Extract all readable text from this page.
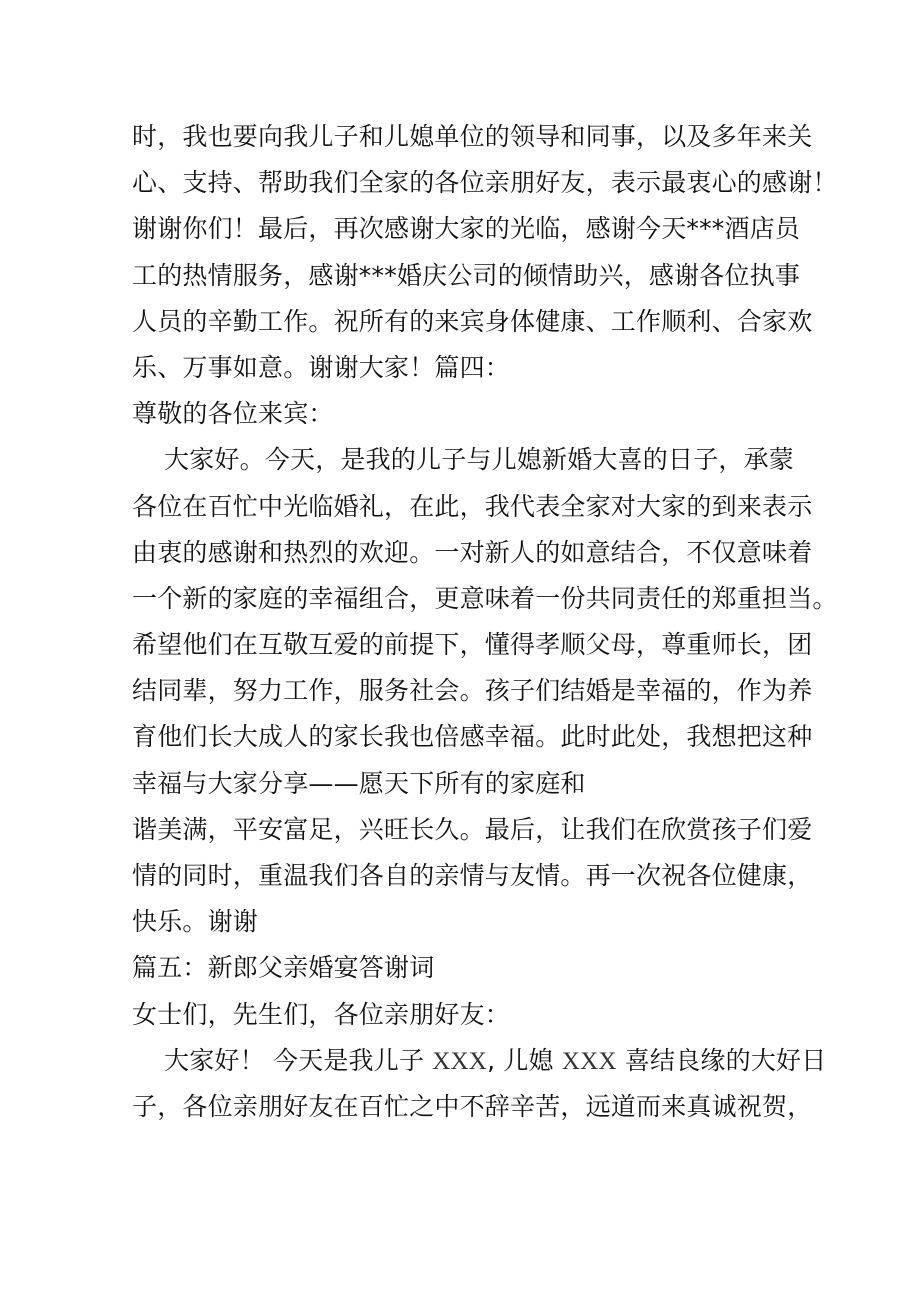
时，我也要向我儿子和儿媳单位的领导和同事，以及多年来关
心、支持、帮助我们全家的各位亲朋好友，表示最衷心的感谢！
谢谢你们！最后，再次感谢大家的光临，感谢今天***酒店员
工的热情服务，感谢***婚庆公司的倾情助兴，感谢各位执事
人员的辛勤工作。祝所有的来宾身体健康、工作顺利、合家欢
乐、万事如意。谢谢大家！篇四：
尊敬的各位来宾：
大家好。今天，是我的儿子与儿媳新婚大喜的日子，承蒙
各位在百忙中光临婚礼，在此，我代表全家对大家的到来表示
由衷的感谢和热烈的欢迎。一对新人的如意结合，不仅意味着
一个新的家庭的幸福组合，更意味着一份共同责任的郑重担当。
希望他们在互敬互爱的前提下，懂得孝顺父母，尊重师长，团
结同辈，努力工作，服务社会。孩子们结婚是幸福的，作为养
育他们长大成人的家长我也倍感幸福。此时此处，我想把这种
幸福与大家分享——愿天下所有的家庭和
谐美满，平安富足，兴旺长久。最后，让我们在欣赏孩子们爱
情的同时，重温我们各自的亲情与友情。再一次祝各位健康，
快乐。谢谢
篇五：新郎父亲婚宴答谢词
女士们，先生们，各位亲朋好友：
大家好！ 今天是我儿子 XXX, 儿媳 XXX 喜结良缘的大好日
子，各位亲朋好友在百忙之中不辞辛苦，远道而来真诚祝贺，
